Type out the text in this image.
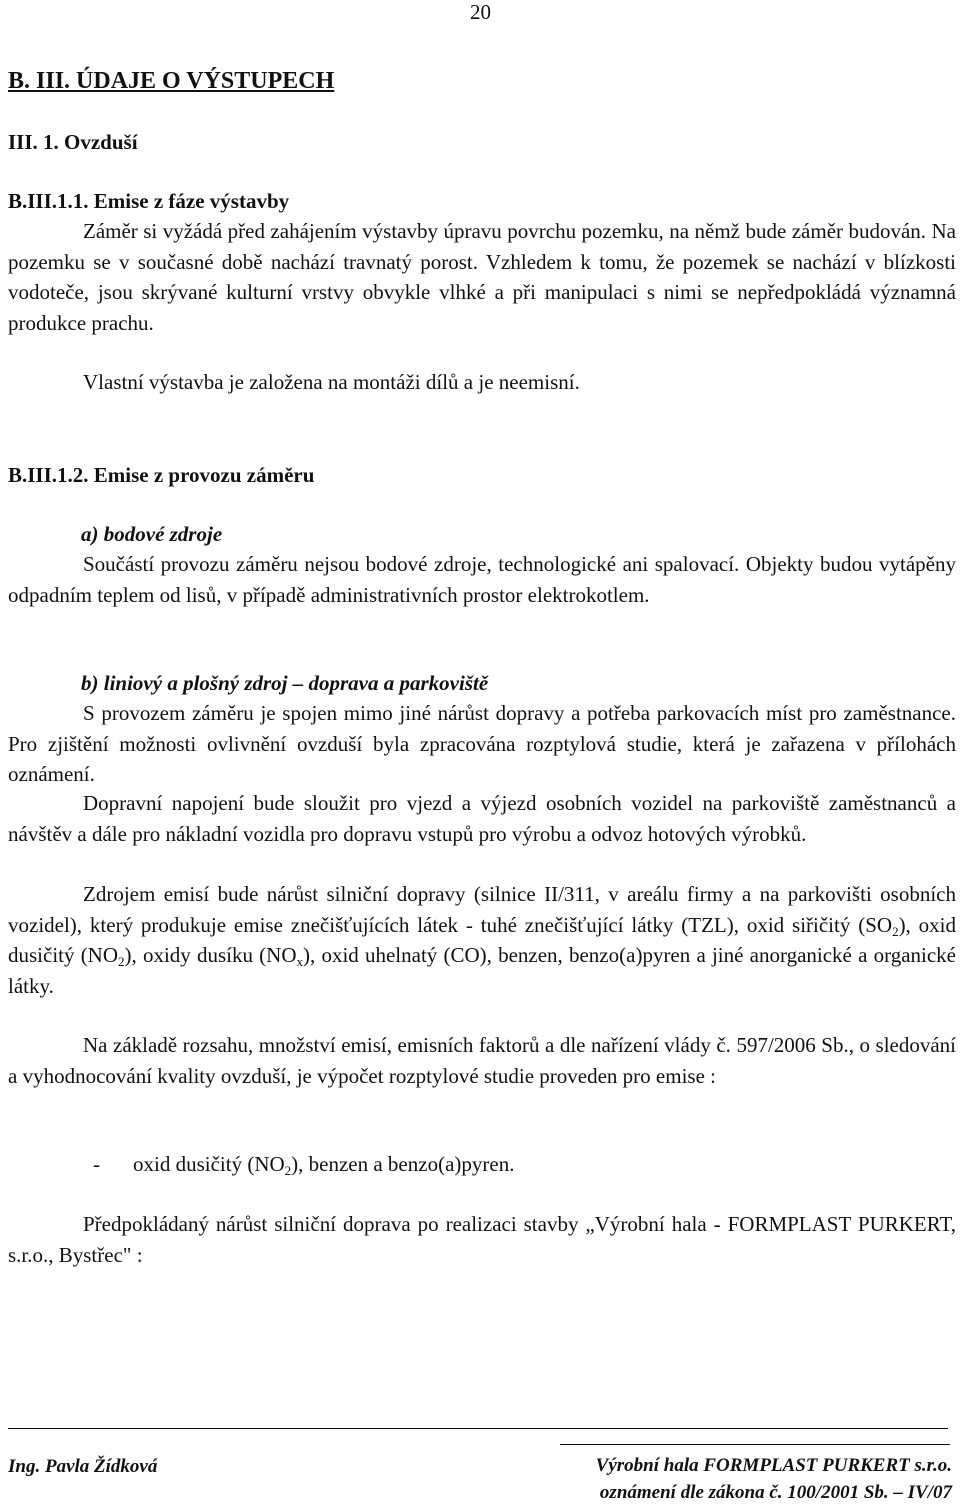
20
B. III. ÚDAJE O VÝSTUPECH
III. 1. Ovzduší
B.III.1.1. Emise z fáze výstavby
Záměr si vyžádá před zahájením výstavby úpravu povrchu pozemku, na němž bude záměr budován. Na pozemku se v současné době nachází travnatý porost. Vzhledem k tomu, že pozemek se nachází v blízkosti vodoteče, jsou skrývané kulturní vrstvy obvykle vlhké a při manipulaci s nimi se nepředpokládá významná produkce prachu.
Vlastní výstavba je založena na montáži dílů a je neemisní.
B.III.1.2. Emise z provozu záměru
a) bodové zdroje
Součástí provozu záměru nejsou bodové zdroje, technologické ani spalovací. Objekty budou vytápěny odpadním teplem od lisů, v případě administrativních prostor elektrokotlem.
b) liniový a plošný zdroj – doprava a parkoviště
S provozem záměru je spojen mimo jiné nárůst dopravy a potřeba parkovacích míst pro zaměstnance. Pro zjištění možnosti ovlivnění ovzduší byla zpracována rozptylová studie, která je zařazena v přílohách oznámení.
Dopravní napojení bude sloužit pro vjezd a výjezd osobních vozidel na parkoviště zaměstnanců a návštěv a dále pro nákladní vozidla pro dopravu vstupů pro výrobu a odvoz hotových výrobků.
Zdrojem emisí bude nárůst silniční dopravy (silnice II/311, v areálu firmy a na parkovišti osobních vozidel), který produkuje emise znečišťujících látek - tuhé znečišťující látky (TZL), oxid siřičitý $(SO_2)$, oxid dusičitý $(NO_2)$, oxidy dusíku $(NO_x)$, oxid uhelnatý (CO), benzen, benzo(a)pyren a jiné anorganické a organické látky.
Na základě rozsahu, množství emisí, emisních faktorů a dle nařízení vlády č. 597/2006 Sb., o sledování a vyhodnocování kvality ovzduší, je výpočet rozptylové studie proveden pro emise :
- oxid dusičitý $(NO_2)$, benzen a benzo(a)pyren.
Předpokládaný nárůst silniční doprava po realizaci stavby „Výrobní hala - FORMPLAST PURKERT, s.r.o., Bystřec" :
Ing. Pavla Žídková	Výrobní hala FORMPLAST PURKERT s.r.o.
oznámení dle zákona č. 100/2001 Sb. – IV/07
